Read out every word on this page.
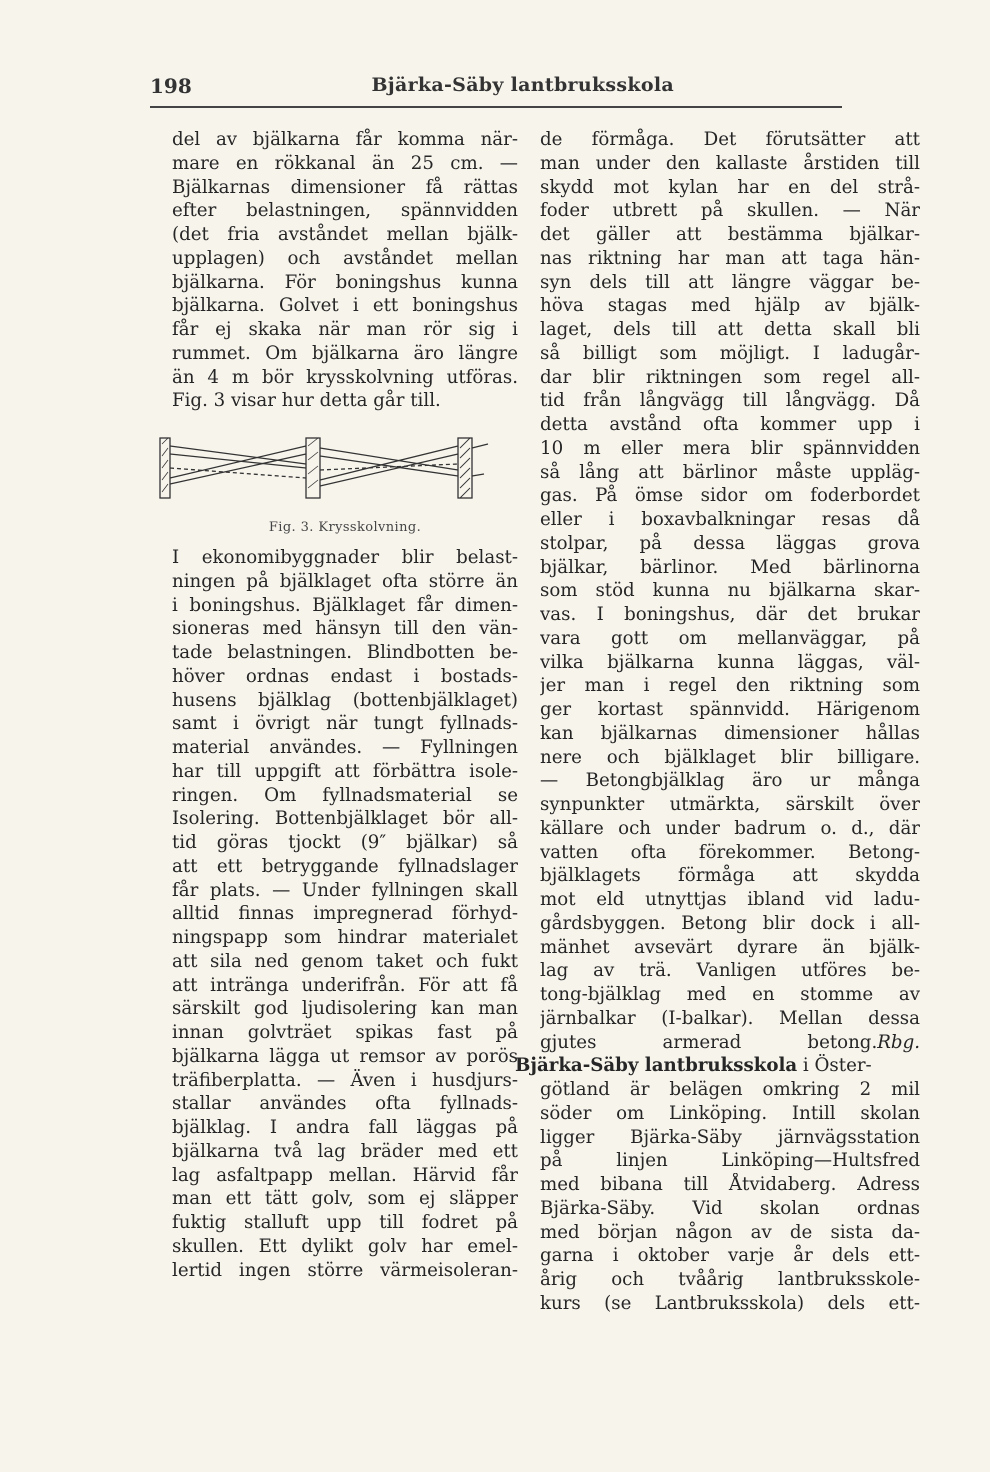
198	Bjärka-Säby lantbruksskola
del av bjälkarna får komma när-
mare en rökkanal än 25 cm. —
Bjälkarnas dimensioner få rättas
efter belastningen, spännvidden
(det fria avståndet mellan bjälk-
upplagen) och avståndet mellan
bjälkarna. För boningshus kunna
bjälkarna. Golvet i ett boningshus
får ej skaka när man rör sig i
rummet. Om bjälkarna äro längre
än 4 m bör krysskolvning utföras.
Fig. 3 visar hur detta går till.
Fig. 3. Krysskolvning.
I ekonomibyggnader blir belast-
ningen på bjälklaget ofta större än
i boningshus. Bjälklaget får dimen-
sioneras med hänsyn till den vän-
tade belastningen. Blindbotten be-
höver ordnas endast i bostads-
husens bjälklag (bottenbjälklaget)
samt i övrigt när tungt fyllnads-
material användes. — Fyllningen
har till uppgift att förbättra isole-
ringen. Om fyllnadsmaterial se
Isolering. Bottenbjälklaget bör all-
tid göras tjockt (9″ bjälkar) så
att ett betryggande fyllnadslager
får plats. — Under fyllningen skall
alltid finnas impregnerad förhyd-
ningspapp som hindrar materialet
att sila ned genom taket och fukt
att intränga underifrån. För att få
särskilt god ljudisolering kan man
innan golvträet spikas fast på
bjälkarna lägga ut remsor av porös
träfiberplatta. — Även i husdjurs-
stallar användes ofta fyllnads-
bjälklag. I andra fall läggas på
bjälkarna två lag bräder med ett
lag asfaltpapp mellan. Härvid får
man ett tätt golv, som ej släpper
fuktig stalluft upp till fodret på
skullen. Ett dylikt golv har emel-
lertid ingen större värmeisoleran-
de förmåga. Det förutsätter att
man under den kallaste årstiden till
skydd mot kylan har en del strå-
foder utbrett på skullen. — När
det gäller att bestämma bjälkar-
nas riktning har man att taga hän-
syn dels till att längre väggar be-
höva stagas med hjälp av bjälk-
laget, dels till att detta skall bli
så billigt som möjligt. I ladugår-
dar blir riktningen som regel all-
tid från långvägg till långvägg. Då
detta avstånd ofta kommer upp i
10 m eller mera blir spännvidden
så lång att bärlinor måste uppläg-
gas. På ömse sidor om foderbordet
eller i boxavbalkningar resas då
stolpar, på dessa läggas grova
bjälkar, bärlinor. Med bärlinorna
som stöd kunna nu bjälkarna skar-
vas. I boningshus, där det brukar
vara gott om mellanväggar, på
vilka bjälkarna kunna läggas, väl-
jer man i regel den riktning som
ger kortast spännvidd. Härigenom
kan bjälkarnas dimensioner hållas
nere och bjälklaget blir billigare.
— Betongbjälklag äro ur många
synpunkter utmärkta, särskilt över
källare och under badrum o. d., där
vatten ofta förekommer. Betong-
bjälklagets förmåga att skydda
mot eld utnyttjas ibland vid ladu-
gårdsbyggen. Betong blir dock i all-
mänhet avsevärt dyrare än bjälk-
lag av trä. Vanligen utföres be-
tong-bjälklag med en stomme av
järnbalkar (I-balkar). Mellan dessa
gjutes armerad betong. Rbg.
Bjärka-Säby lantbruksskola i Öster-
götland är belägen omkring 2 mil
söder om Linköping. Intill skolan
ligger Bjärka-Säby järnvägsstation
på linjen Linköping—Hultsfred
med bibana till Åtvidaberg. Adress
Bjärka-Säby. Vid skolan ordnas
med början någon av de sista da-
garna i oktober varje år dels ett-
årig och tvåårig lantbruksskole-
kurs (se Lantbruksskola) dels ett-
